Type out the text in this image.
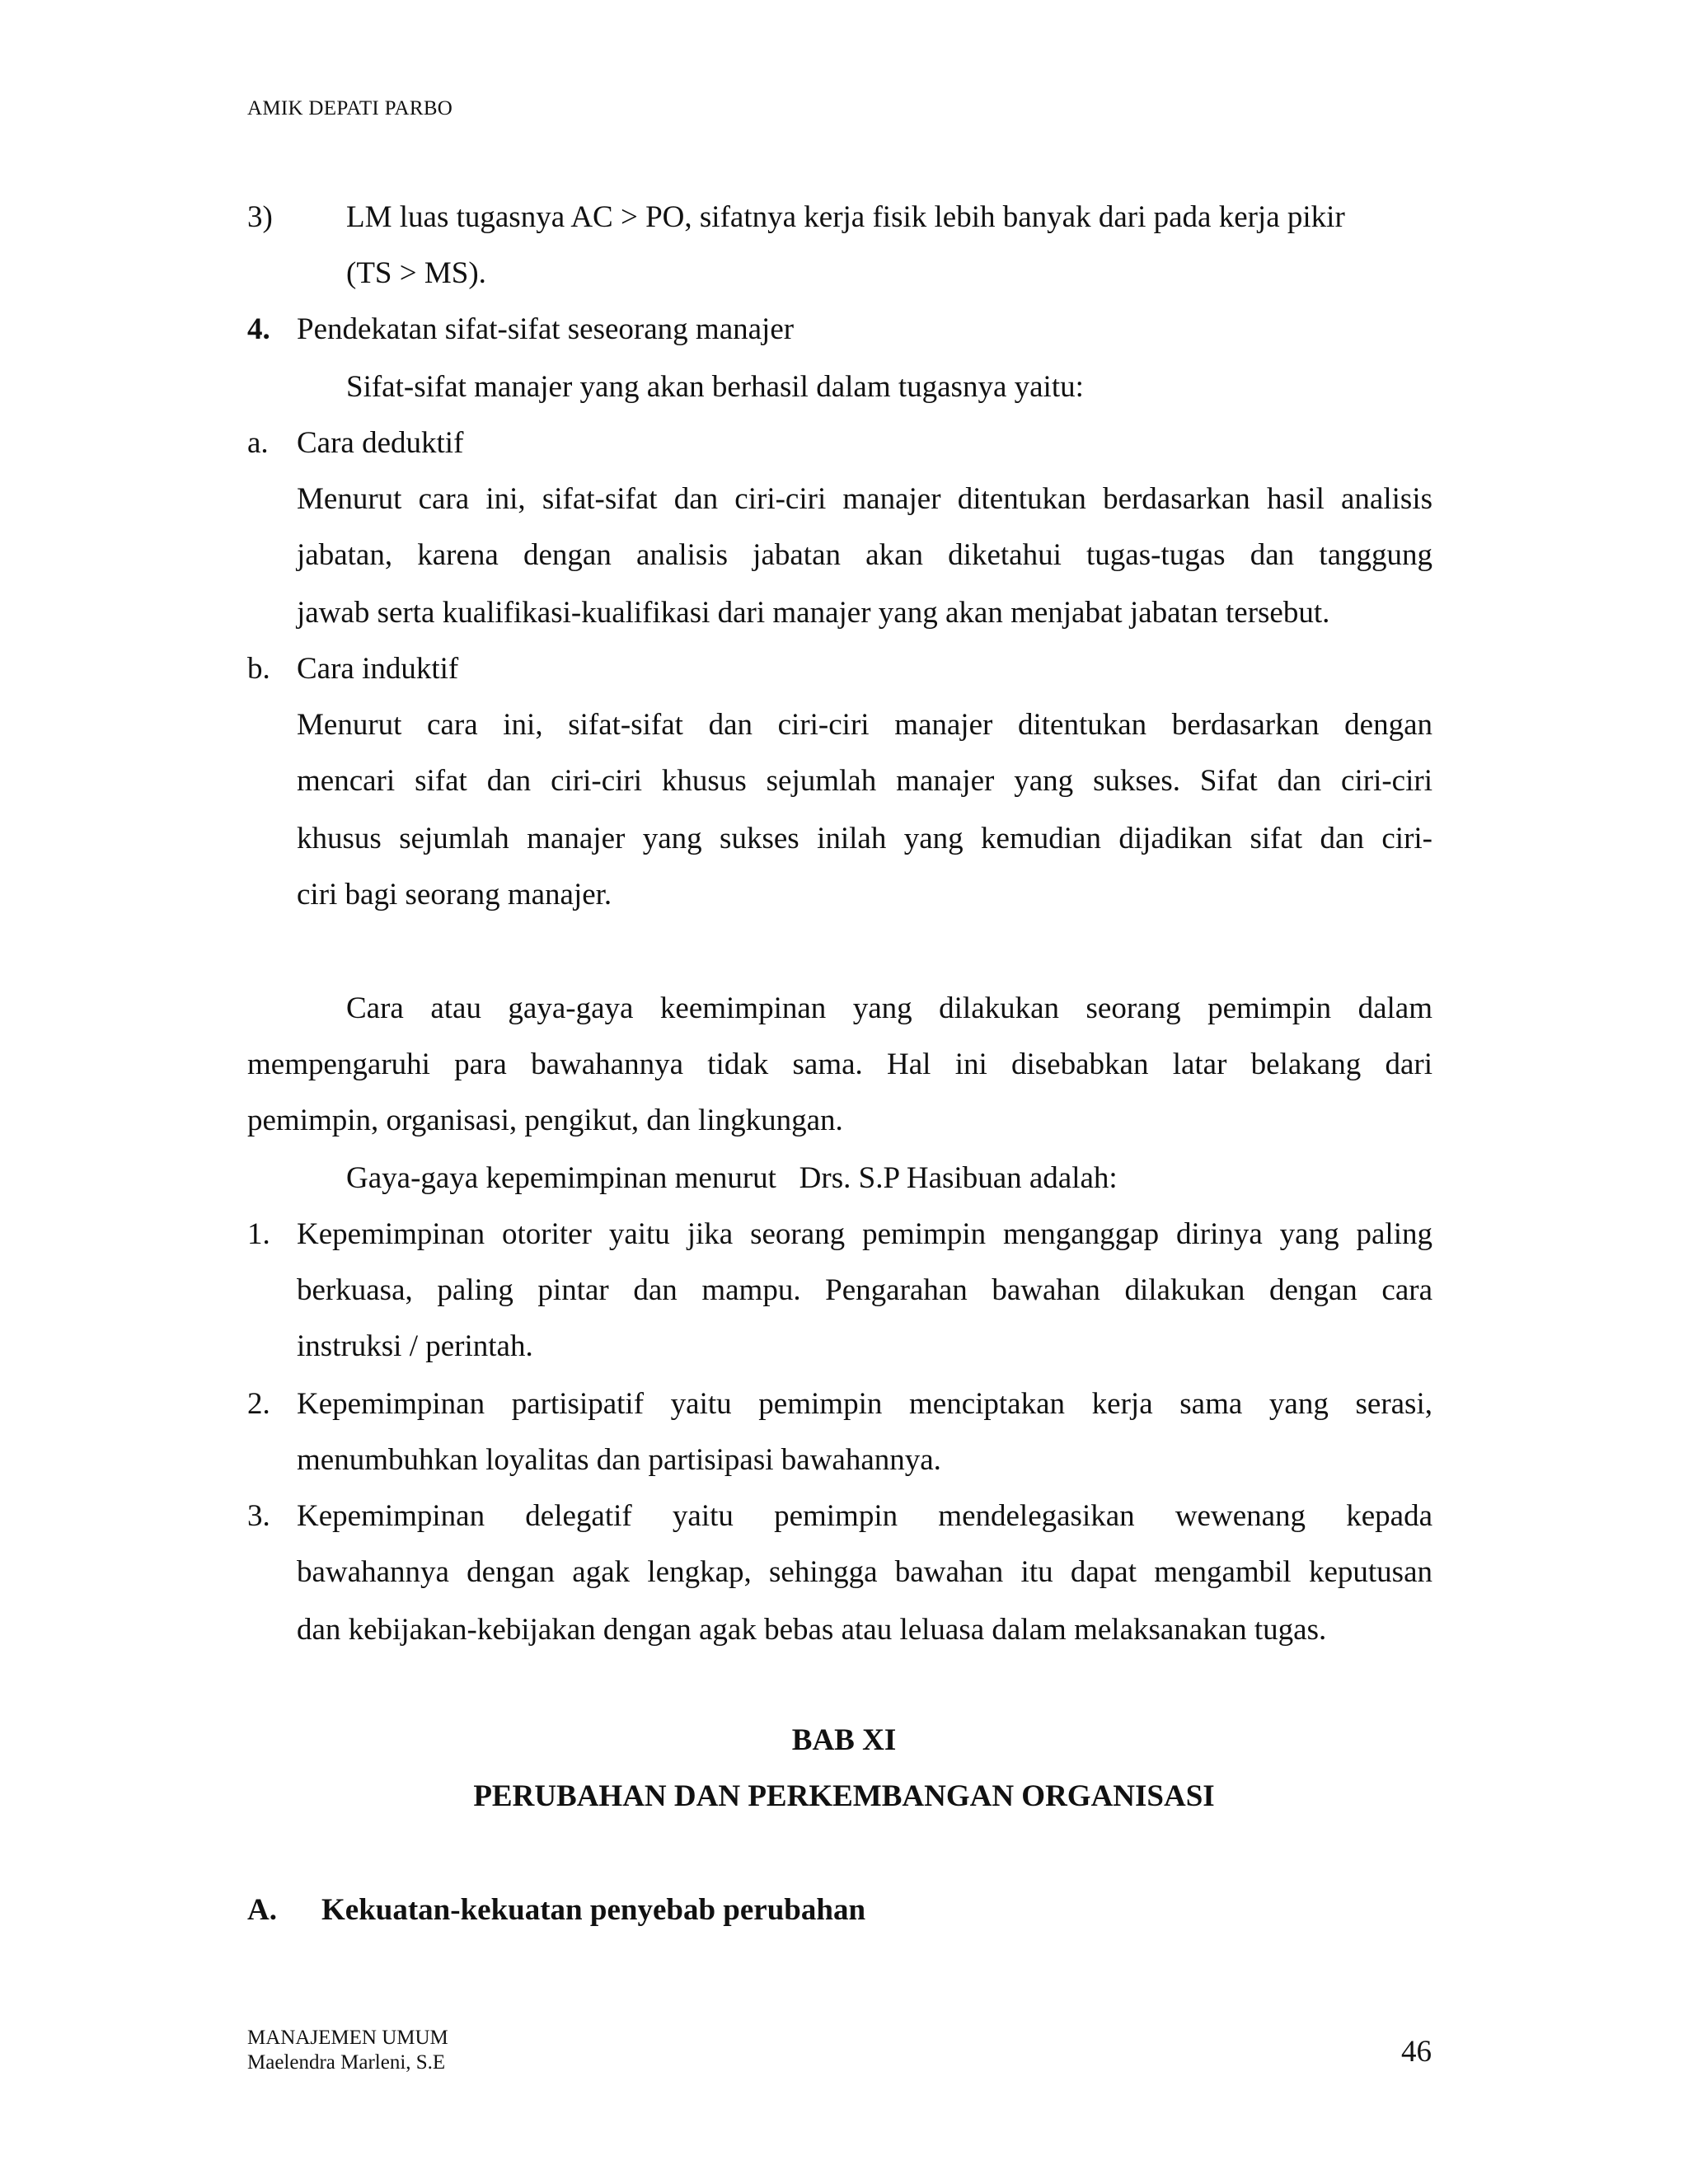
AMIK DEPATI PARBO
3) LM luas tugasnya AC > PO, sifatnya kerja fisik lebih banyak dari pada kerja pikir
(TS > MS).
4. Pendekatan sifat-sifat seseorang manajer
Sifat-sifat manajer yang akan berhasil dalam tugasnya yaitu:
a. Cara deduktif
Menurut cara ini, sifat-sifat dan ciri-ciri manajer ditentukan berdasarkan hasil analisis
jabatan, karena dengan analisis jabatan akan diketahui tugas-tugas dan tanggung
jawab serta kualifikasi-kualifikasi dari manajer yang akan menjabat jabatan tersebut.
b. Cara induktif
Menurut cara ini, sifat-sifat dan ciri-ciri manajer ditentukan berdasarkan dengan
mencari sifat dan ciri-ciri khusus sejumlah manajer yang sukses. Sifat dan ciri-ciri
khusus sejumlah manajer yang sukses inilah yang kemudian dijadikan sifat dan ciri-
ciri bagi seorang manajer.
Cara atau gaya-gaya keemimpinan yang dilakukan seorang pemimpin dalam
mempengaruhi para bawahannya tidak sama. Hal ini disebabkan latar belakang dari
pemimpin, organisasi, pengikut, dan lingkungan.
Gaya-gaya kepemimpinan menurut   Drs. S.P Hasibuan adalah:
1. Kepemimpinan otoriter yaitu jika seorang pemimpin menganggap dirinya yang paling
berkuasa, paling pintar dan mampu. Pengarahan bawahan dilakukan dengan cara
instruksi / perintah.
2. Kepemimpinan partisipatif yaitu pemimpin menciptakan kerja sama yang serasi,
menumbuhkan loyalitas dan partisipasi bawahannya.
3. Kepemimpinan delegatif yaitu pemimpin mendelegasikan wewenang kepada
bawahannya dengan agak lengkap, sehingga bawahan itu dapat mengambil keputusan
dan kebijakan-kebijakan dengan agak bebas atau leluasa dalam melaksanakan tugas.
BAB XI
PERUBAHAN DAN PERKEMBANGAN ORGANISASI
A. Kekuatan-kekuatan penyebab perubahan
MANAJEMEN UMUM
Maelendra Marleni, S.E	46
